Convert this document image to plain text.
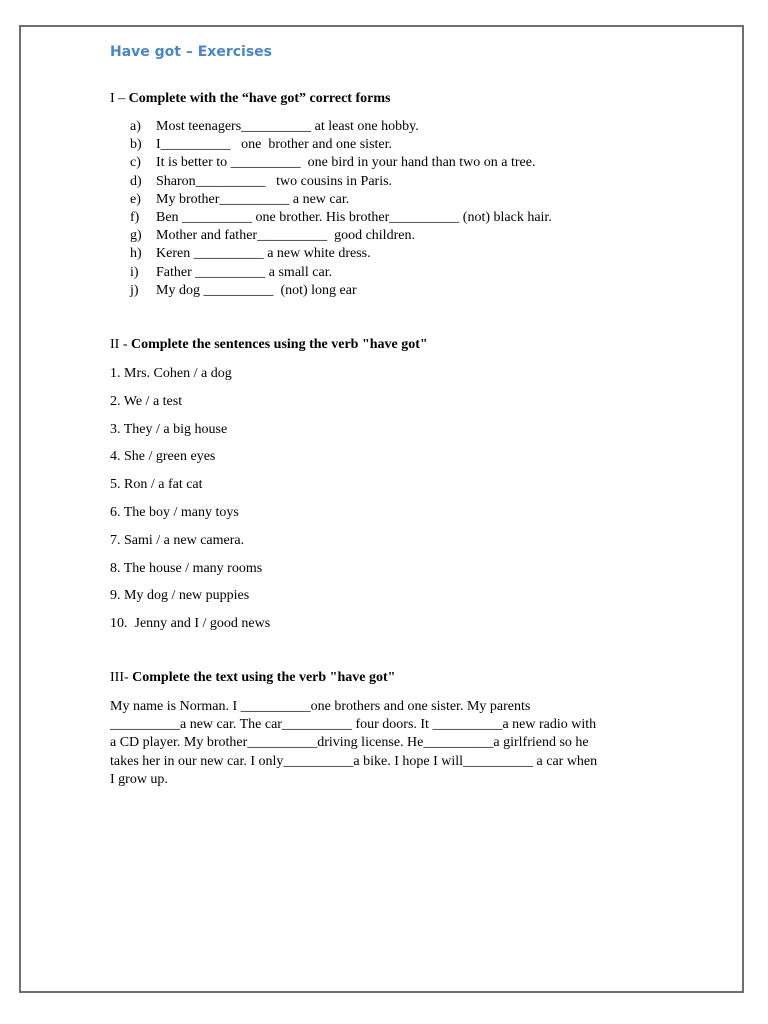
Have got – Exercises
I – Complete with the “have got” correct forms
a) Most teenagers__________ at least one hobby.
b) I__________   one  brother and one sister.
c) It is better to __________  one bird in your hand than two on a tree.
d) Sharon__________   two cousins in Paris.
e) My brother__________ a new car.
f) Ben __________ one brother. His brother__________ (not) black hair.
g) Mother and father__________  good children.
h) Keren __________ a new white dress.
i) Father __________ a small car.
j) My dog __________  (not) long ear
II - Complete the sentences using the verb "have got"
1. Mrs. Cohen / a dog
2. We / a test
3. They / a big house
4. She / green eyes
5. Ron / a fat cat
6. The boy / many toys
7. Sami / a new camera.
8. The house / many rooms
9. My dog / new puppies
10.  Jenny and I / good news
III- Complete the text using the verb "have got"
My name is Norman. I __________one brothers and one sister. My parents
__________a new car. The car__________ four doors. It __________a new radio with
a CD player. My brother__________driving license. He__________a girlfriend so he
takes her in our new car. I only__________a bike. I hope I will__________ a car when
I grow up.
